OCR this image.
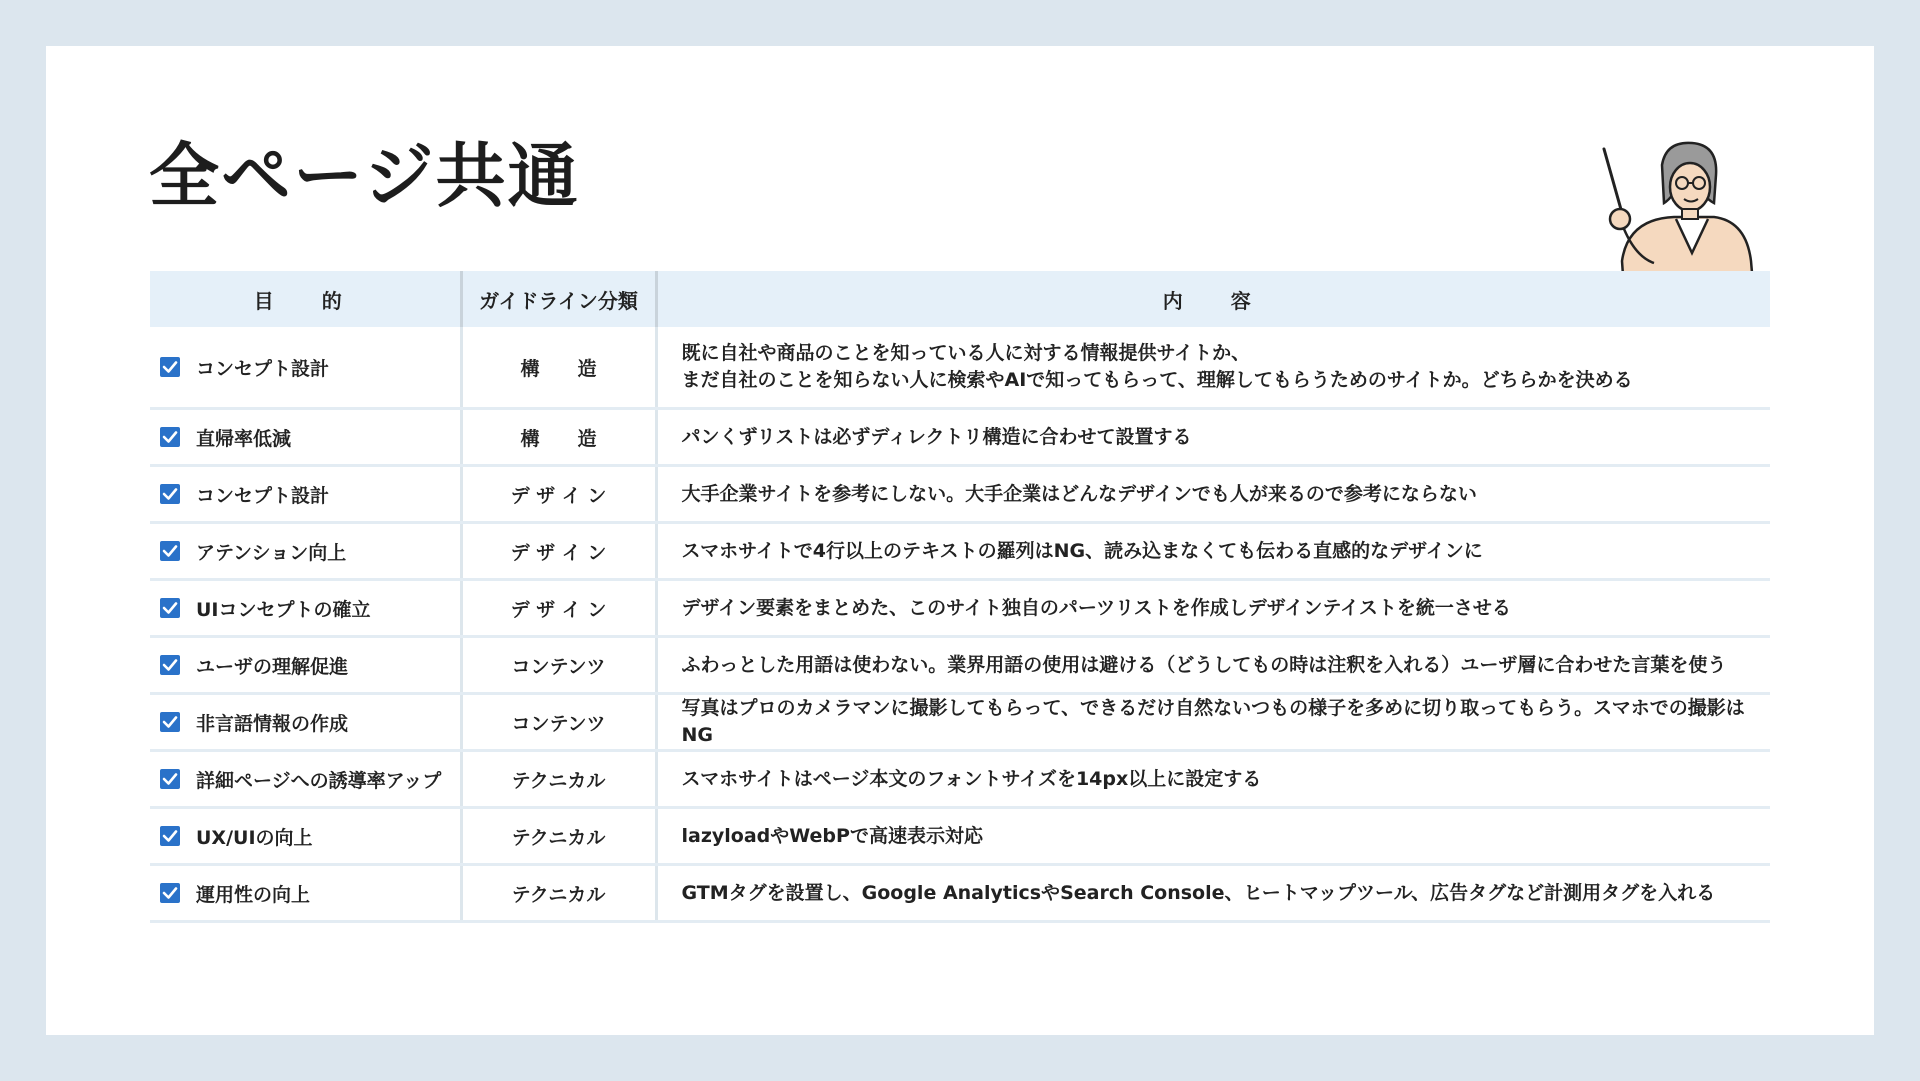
全ページ共通
目　的	ガイドライン分類	内　容

コンセプト設計	構　　造	既に自社や商品のことを知っている人に対する情報提供サイトか、
まだ自社のことを知らない人に検索やAIで知ってもらって、理解してもらうためのサイトか。どちらかを決める

直帰率低減	構　　造	パンくずリストは必ずディレクトリ構造に合わせて設置する

コンセプト設計	デ ザ イ ン	大手企業サイトを参考にしない。大手企業はどんなデザインでも人が来るので参考にならない

アテンション向上	デ ザ イ ン	スマホサイトで4行以上のテキストの羅列はNG、読み込まなくても伝わる直感的なデザインに

UIコンセプトの確立	デ ザ イ ン	デザイン要素をまとめた、このサイト独自のパーツリストを作成しデザインテイストを統一させる

ユーザの理解促進	コンテンツ	ふわっとした用語は使わない。業界用語の使用は避ける（どうしてもの時は注釈を入れる）ユーザ層に合わせた言葉を使う

非言語情報の作成	コンテンツ	写真はプロのカメラマンに撮影してもらって、できるだけ自然ないつもの様子を多めに切り取ってもらう。スマホでの撮影はNG

詳細ページへの誘導率アップ	テクニカル	スマホサイトはページ本文のフォントサイズを14px以上に設定する

UX/UIの向上	テクニカル	lazyloadやWebPで高速表示対応

運用性の向上	テクニカル	GTMタグを設置し、Google AnalyticsやSearch Console、ヒートマップツール、広告タグなど計測用タグを入れる
